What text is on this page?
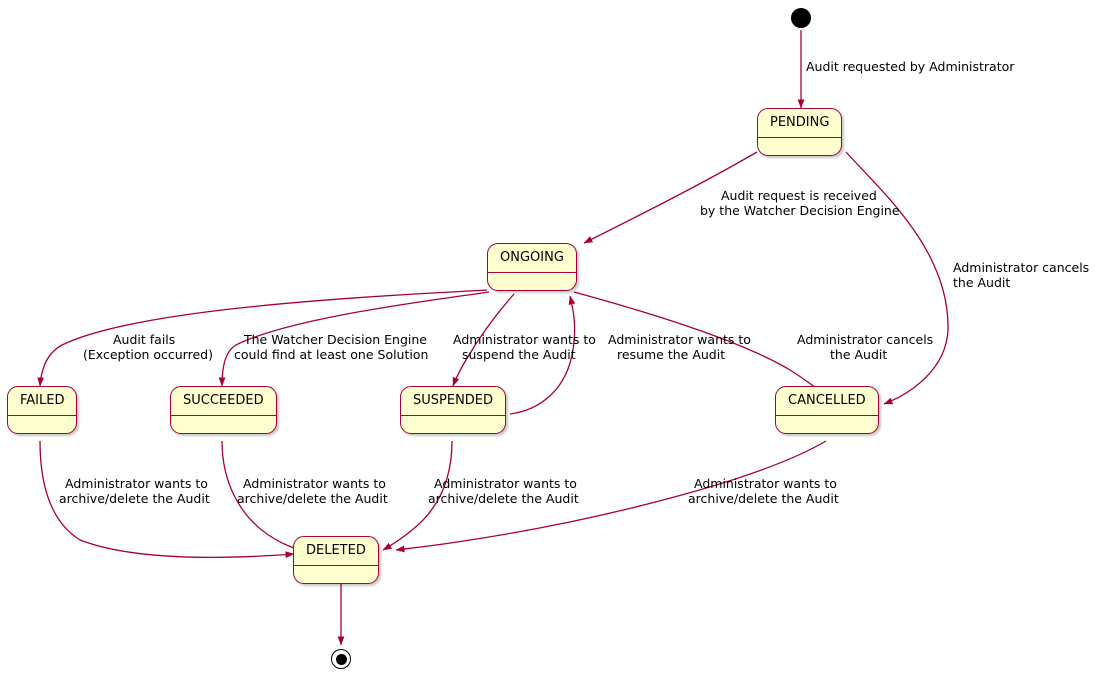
PENDING
ONGOING
FAILED	SUCCEEDED	SUSPENDED	CANCELLED
DELETED
Audit requested by Administrator
Audit request is received
by the Watcher Decision Engine
Administrator cancels
the Audit
Audit fails
(Exception occurred)
The Watcher Decision Engine
could find at least one Solution
Administrator wants to
suspend the Audit
Administrator wants to
resume the Audit
Administrator cancels
the Audit
Administrator wants to
archive/delete the Audit
Administrator wants to
archive/delete the Audit
Administrator wants to
archive/delete the Audit
Administrator wants to
archive/delete the Audit
